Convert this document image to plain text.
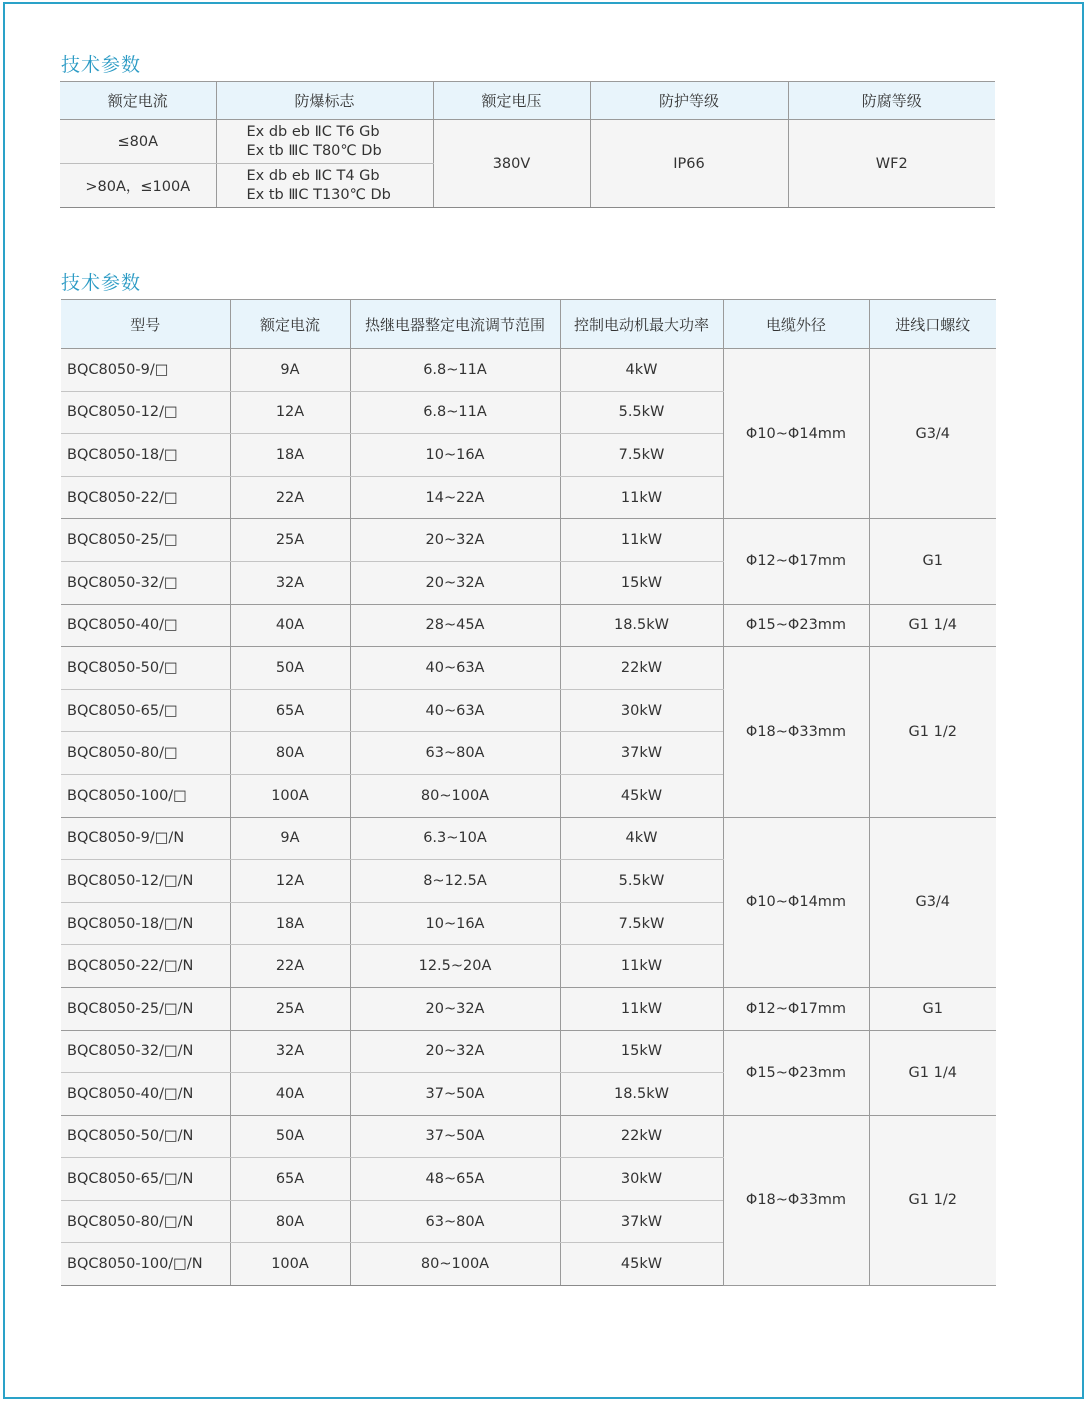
技术参数
额定电流	防爆标志	额定电压	防护等级	防腐等级
≤80A	Ex db eb ⅡC T6 Gb
Ex tb ⅢC T80℃ Db	380V	IP66	WF2
>80A，≤100A	Ex db eb ⅡC T4 Gb
Ex tb ⅢC T130℃ Db			
技术参数
型号	额定电流	热继电器整定电流调节范围	控制电动机最大功率	电缆外径	进线口螺纹
BQC8050-9/□	9A	6.8~11A	4kW	Φ10~Φ14mm	G3/4
BQC8050-12/□	12A	6.8~11A	5.5kW		
BQC8050-18/□	18A	10~16A	7.5kW		
BQC8050-22/□	22A	14~22A	11kW		
BQC8050-25/□	25A	20~32A	11kW	Φ12~Φ17mm	G1
BQC8050-32/□	32A	20~32A	15kW		
BQC8050-40/□	40A	28~45A	18.5kW	Φ15~Φ23mm	G1 1/4
BQC8050-50/□	50A	40~63A	22kW	Φ18~Φ33mm	G1 1/2
BQC8050-65/□	65A	40~63A	30kW		
BQC8050-80/□	80A	63~80A	37kW		
BQC8050-100/□	100A	80~100A	45kW		
BQC8050-9/□/N	9A	6.3~10A	4kW	Φ10~Φ14mm	G3/4
BQC8050-12/□/N	12A	8~12.5A	5.5kW		
BQC8050-18/□/N	18A	10~16A	7.5kW		
BQC8050-22/□/N	22A	12.5~20A	11kW		
BQC8050-25/□/N	25A	20~32A	11kW	Φ12~Φ17mm	G1
BQC8050-32/□/N	32A	20~32A	15kW	Φ15~Φ23mm	G1 1/4
BQC8050-40/□/N	40A	37~50A	18.5kW		
BQC8050-50/□/N	50A	37~50A	22kW	Φ18~Φ33mm	G1 1/2
BQC8050-65/□/N	65A	48~65A	30kW		
BQC8050-80/□/N	80A	63~80A	37kW		
BQC8050-100/□/N	100A	80~100A	45kW		
